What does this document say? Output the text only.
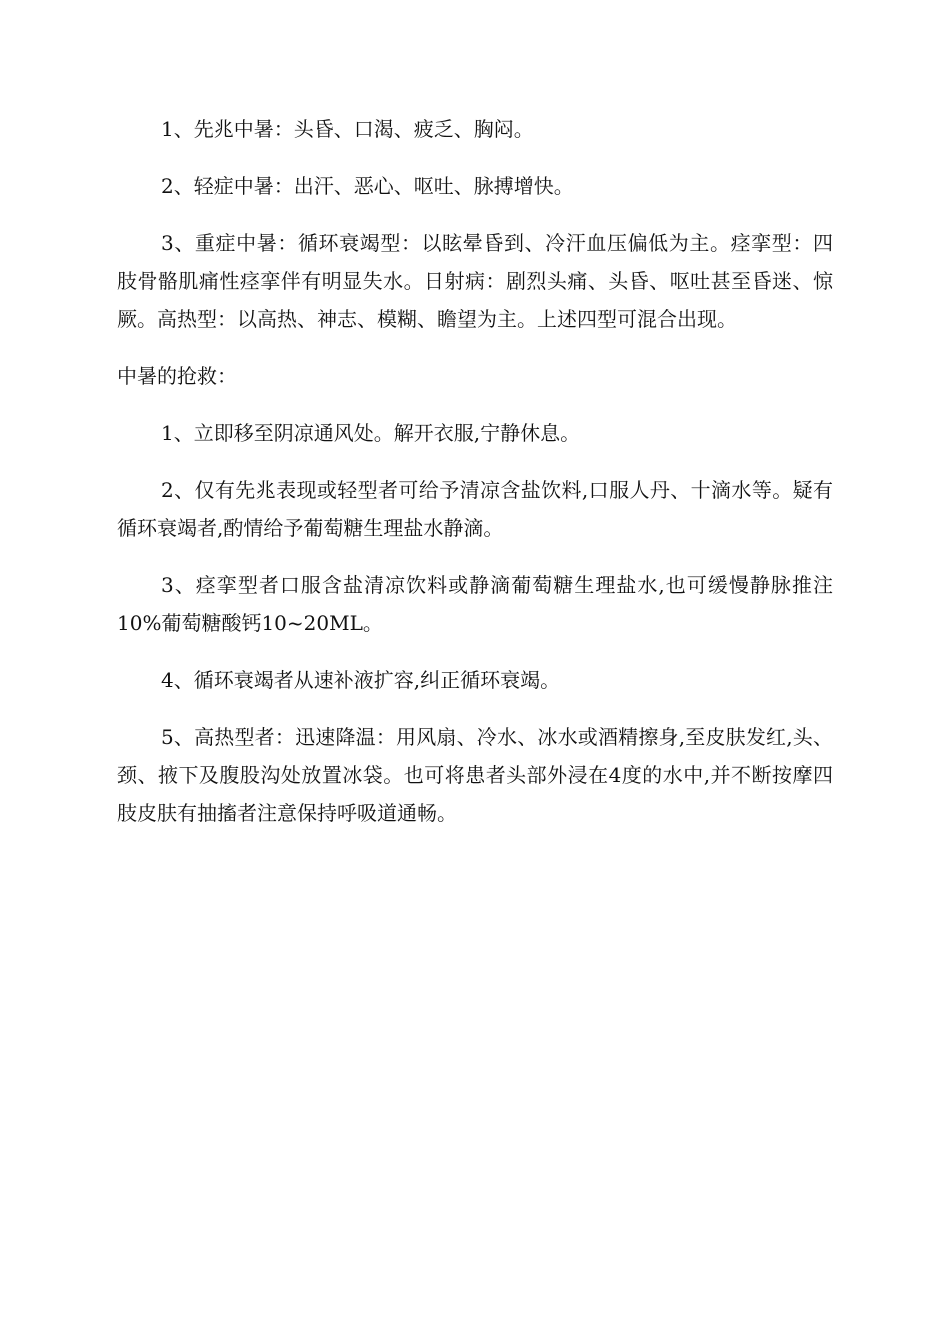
1、先兆中暑：头昏、口渴、疲乏、胸闷。

2、轻症中暑：出汗、恶心、呕吐、脉搏增快。

3、重症中暑：循环衰竭型：以眩晕昏到、冷汗血压偏低为主。痉挛型：四肢骨骼肌痛性痉挛伴有明显失水。日射病：剧烈头痛、头昏、呕吐甚至昏迷、惊厥。高热型：以高热、神志、模糊、瞻望为主。上述四型可混合出现。

中暑的抢救：

1、立即移至阴凉通风处。解开衣服,宁静休息。

2、仅有先兆表现或轻型者可给予清凉含盐饮料,口服人丹、十滴水等。疑有循环衰竭者,酌情给予葡萄糖生理盐水静滴。

3、痉挛型者口服含盐清凉饮料或静滴葡萄糖生理盐水,也可缓慢静脉推注10%葡萄糖酸钙10~20ML。

4、循环衰竭者从速补液扩容,纠正循环衰竭。

5、高热型者：迅速降温：用风扇、冷水、冰水或酒精擦身,至皮肤发红,头、颈、掖下及腹股沟处放置冰袋。也可将患者头部外浸在4度的水中,并不断按摩四肢皮肤有抽搐者注意保持呼吸道通畅。
